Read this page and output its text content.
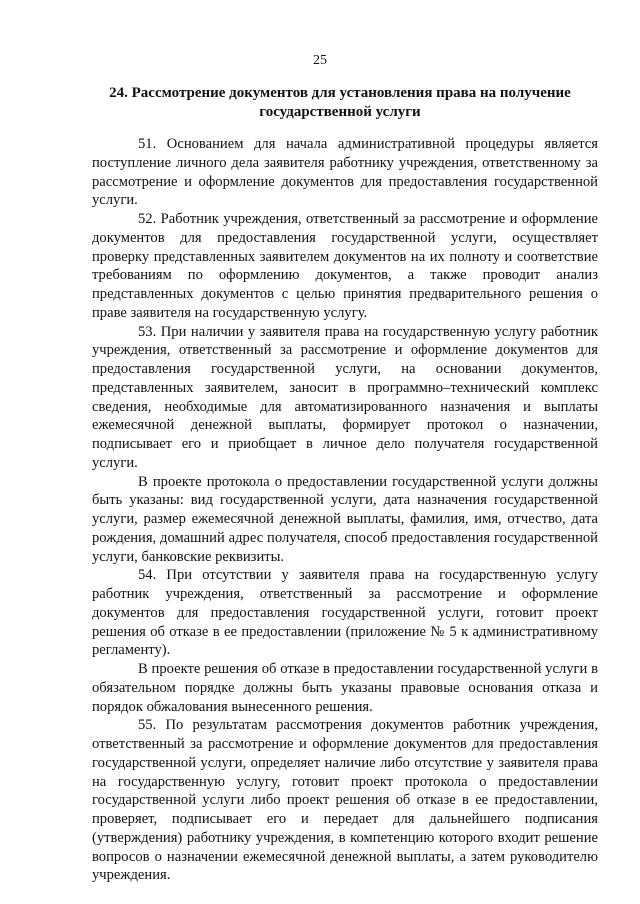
25
24. Рассмотрение документов для установления права на получение государственной услуги

51. Основанием для начала административной процедуры является поступление личного дела заявителя работнику учреждения, ответственному за рассмотрение и оформление документов для предоставления государственной услуги.

52. Работник учреждения, ответственный за рассмотрение и оформление документов для предоставления государственной услуги, осуществляет проверку представленных заявителем документов на их полноту и соответствие требованиям по оформлению документов, а также проводит анализ представленных документов с целью принятия предварительного решения о праве заявителя на государственную услугу.

53. При наличии у заявителя права на государственную услугу работник учреждения, ответственный за рассмотрение и оформление документов для предоставления государственной услуги, на основании документов, представленных заявителем, заносит в программно–технический комплекс сведения, необходимые для автоматизированного назначения и выплаты ежемесячной денежной выплаты, формирует протокол о назначении, подписывает его и приобщает в личное дело получателя государственной услуги.

В проекте протокола о предоставлении государственной услуги должны быть указаны: вид государственной услуги, дата назначения государственной услуги, размер ежемесячной денежной выплаты, фамилия, имя, отчество, дата рождения, домашний адрес получателя, способ предоставления государственной услуги, банковские реквизиты.

54. При отсутствии у заявителя права на государственную услугу работник учреждения, ответственный за рассмотрение и оформление документов для предоставления государственной услуги, готовит проект решения об отказе в ее предоставлении (приложение № 5 к административному регламенту).

В проекте решения об отказе в предоставлении государственной услуги в обязательном порядке должны быть указаны правовые основания отказа и порядок обжалования вынесенного решения.

55. По результатам рассмотрения документов работник учреждения, ответственный за рассмотрение и оформление документов для предоставления государственной услуги, определяет наличие либо отсутствие у заявителя права на государственную услугу, готовит проект протокола о предоставлении государственной услуги либо проект решения об отказе в ее предоставлении, проверяет, подписывает его и передает для дальнейшего подписания (утверждения) работнику учреждения, в компетенцию которого входит решение вопросов о назначении ежемесячной денежной выплаты, а затем руководителю учреждения.
